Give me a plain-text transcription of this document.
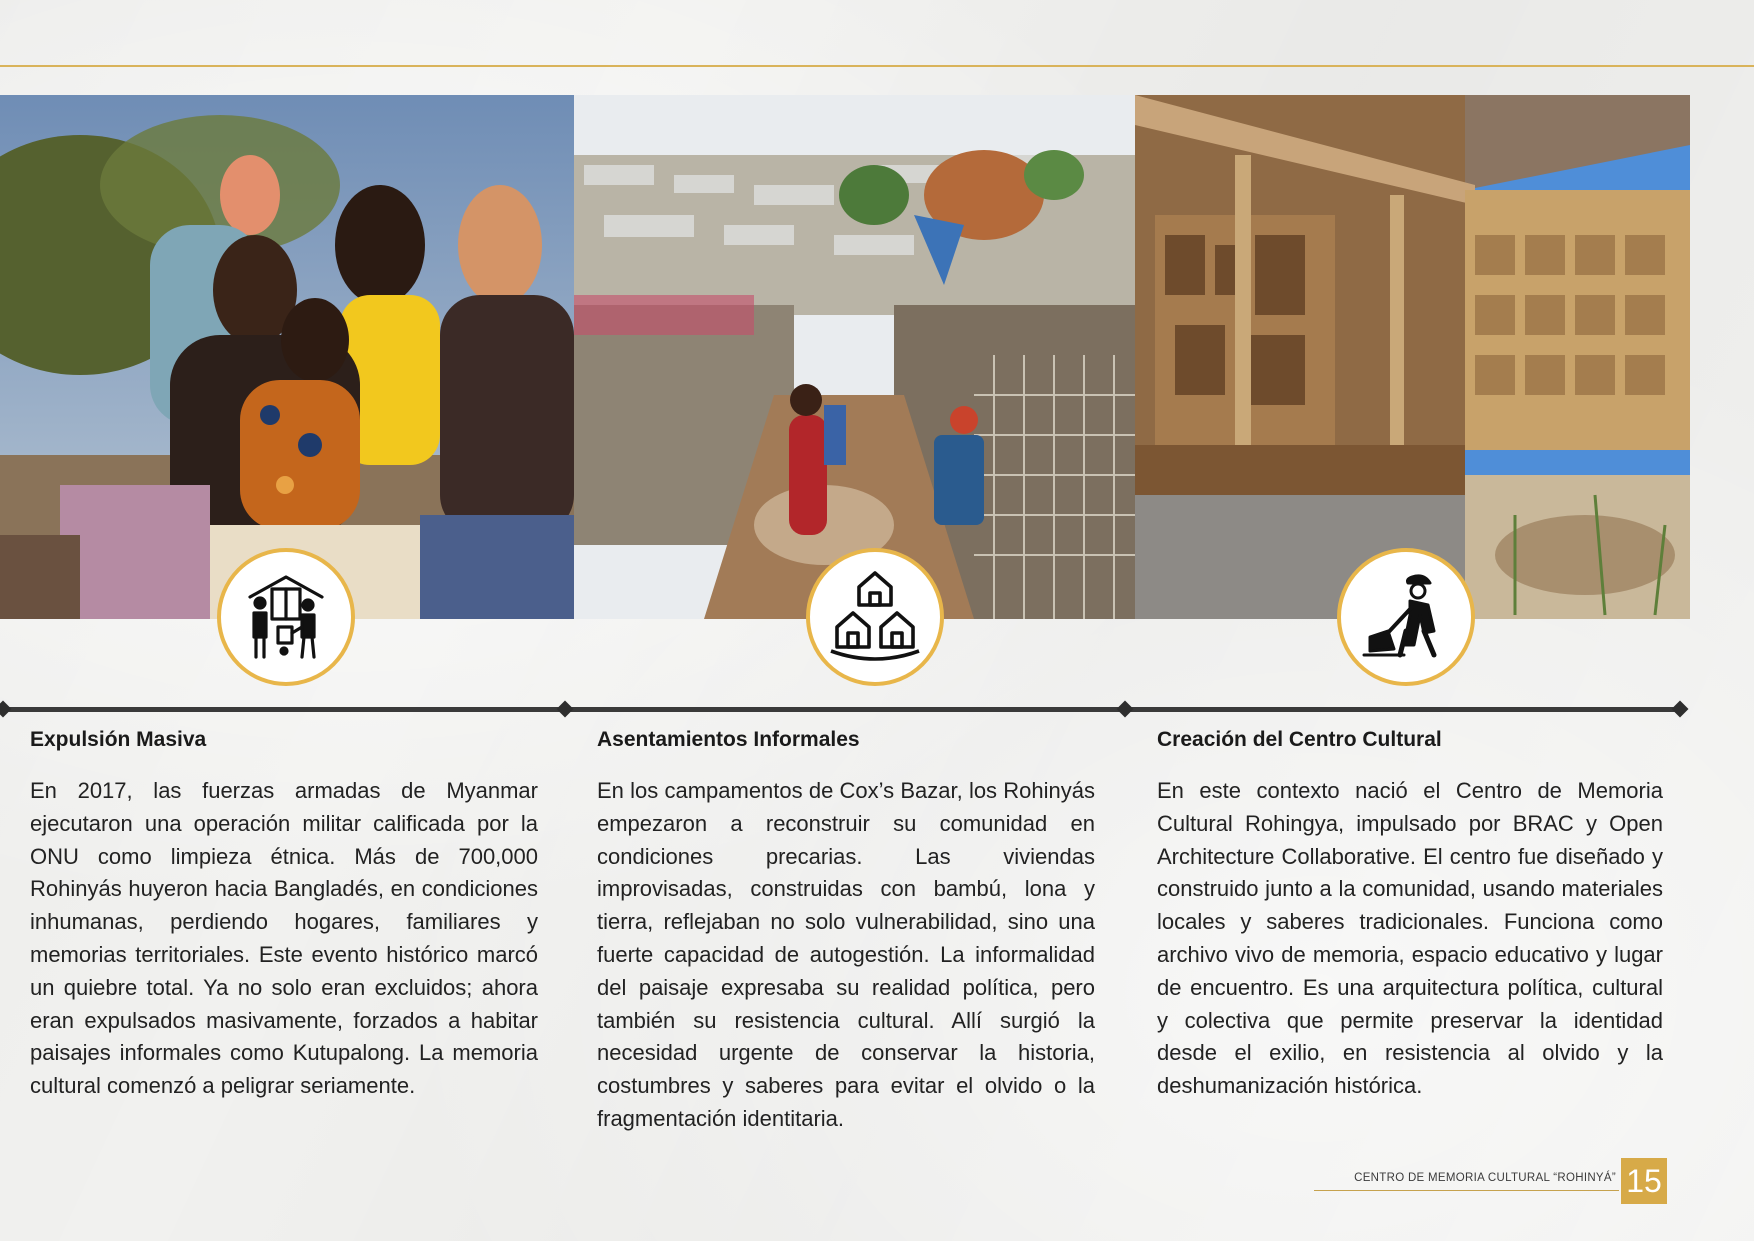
Expulsión Masiva
En 2017, las fuerzas armadas de Myanmar ejecutaron una operación militar calificada por la ONU como limpieza étnica. Más de 700,000 Rohinyás huyeron hacia Bangladés, en condiciones inhumanas, perdiendo hogares, familiares y memorias territoriales. Este evento histórico marcó un quiebre total. Ya no solo eran excluidos; ahora eran expulsados masivamente, forzados a habitar paisajes informales como Kutupalong. La memoria cultural comenzó a peligrar seriamente.
Asentamientos Informales
En los campamentos de Cox’s Bazar, los Rohinyás empezaron a reconstruir su comunidad en condiciones precarias. Las viviendas improvisadas, construidas con bambú, lona y tierra, reflejaban no solo vulnerabilidad, sino una fuerte capacidad de autogestión. La informalidad del paisaje expresaba su realidad política, pero también su resistencia cultural. Allí surgió la necesidad urgente de conservar la historia, costumbres y saberes para evitar el olvido o la fragmentación identitaria.
Creación del Centro Cultural
En este contexto nació el Centro de Memoria Cultural Rohingya, impulsado por BRAC y Open Architecture Collaborative. El centro fue diseñado y construido junto a la comunidad, usando materiales locales y saberes tradicionales. Funciona como archivo vivo de memoria, espacio educativo y lugar de encuentro. Es una arquitectura política, cultural y colectiva que permite preservar la identidad desde el exilio, en resistencia al olvido y la deshumanización histórica.
CENTRO DE MEMORIA CULTURAL “ROHINYÁ” 15
